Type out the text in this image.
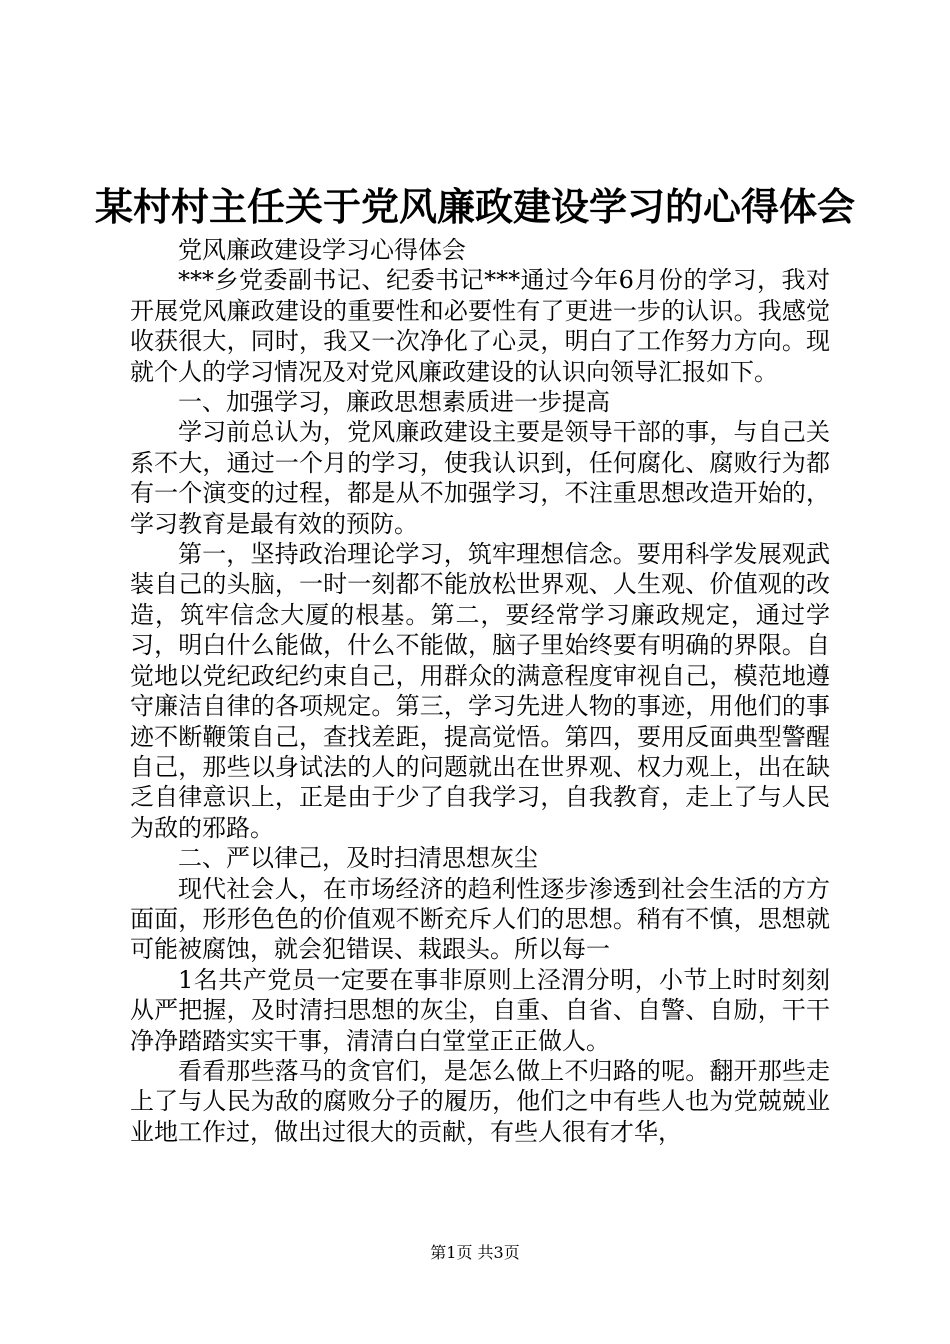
某村村主任关于党风廉政建设学习的心得体会

党风廉政建设学习心得体会

***乡党委副书记、纪委书记***通过今年6月份的学习，我对开展党风廉政建设的重要性和必要性有了更进一步的认识。我感觉收获很大，同时，我又一次净化了心灵，明白了工作努力方向。现就个人的学习情况及对党风廉政建设的认识向领导汇报如下。

一、加强学习，廉政思想素质进一步提高

学习前总认为，党风廉政建设主要是领导干部的事，与自己关系不大，通过一个月的学习，使我认识到，任何腐化、腐败行为都有一个演变的过程，都是从不加强学习，不注重思想改造开始的，学习教育是最有效的预防。

第一，坚持政治理论学习，筑牢理想信念。要用科学发展观武装自己的头脑，一时一刻都不能放松世界观、人生观、价值观的改造，筑牢信念大厦的根基。第二，要经常学习廉政规定，通过学习，明白什么能做，什么不能做，脑子里始终要有明确的界限。自觉地以党纪政纪约束自己，用群众的满意程度审视自己，模范地遵守廉洁自律的各项规定。第三，学习先进人物的事迹，用他们的事迹不断鞭策自己，查找差距，提高觉悟。第四，要用反面典型警醒自己，那些以身试法的人的问题就出在世界观、权力观上，出在缺乏自律意识上，正是由于少了自我学习，自我教育，走上了与人民为敌的邪路。

二、严以律己，及时扫清思想灰尘

现代社会人，在市场经济的趋利性逐步渗透到社会生活的方方面面，形形色色的价值观不断充斥人们的思想。稍有不慎，思想就可能被腐蚀，就会犯错误、栽跟头。所以每一

1名共产党员一定要在事非原则上泾渭分明，小节上时时刻刻从严把握，及时清扫思想的灰尘，自重、自省、自警、自励，干干净净踏踏实实干事，清清白白堂堂正正做人。

看看那些落马的贪官们，是怎么做上不归路的呢。翻开那些走上了与人民为敌的腐败分子的履历，他们之中有些人也为党兢兢业业地工作过，做出过很大的贡献，有些人很有才华，

第1页 共3页
